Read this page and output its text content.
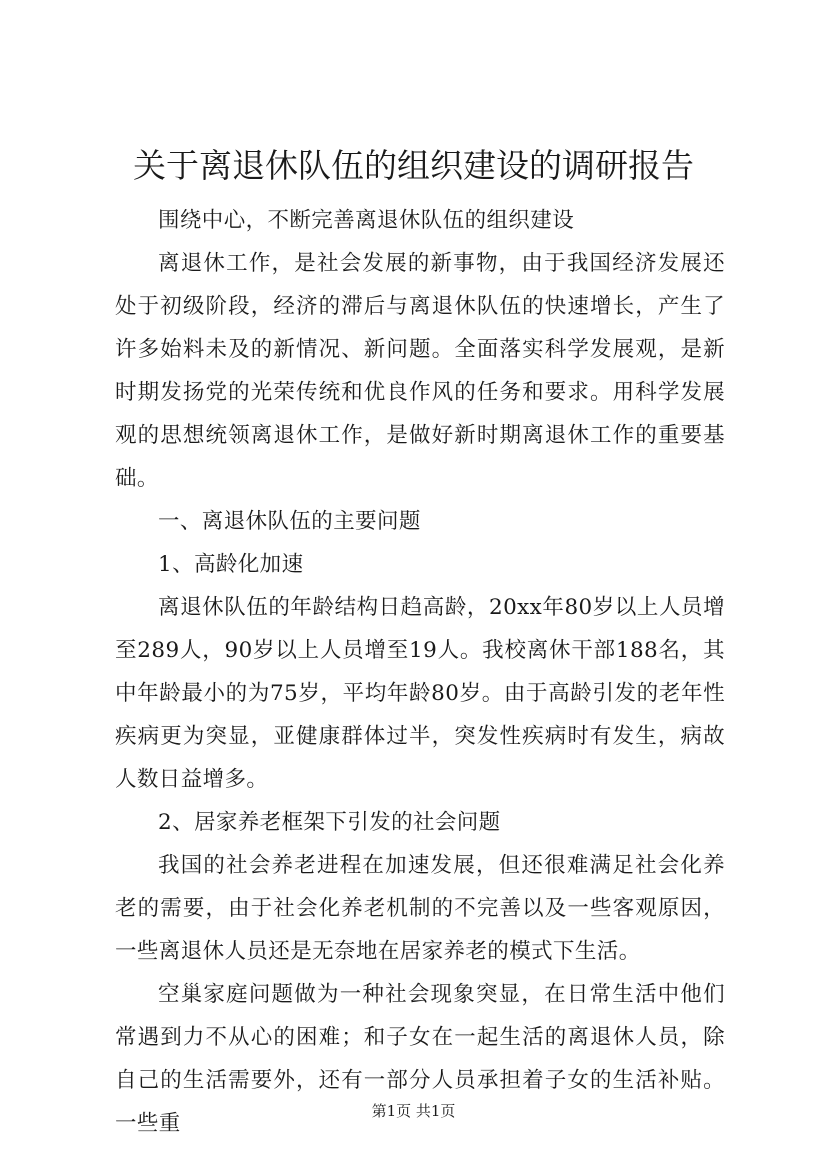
关于离退休队伍的组织建设的调研报告

围绕中心，不断完善离退休队伍的组织建设

离退休工作，是社会发展的新事物，由于我国经济发展还处于初级阶段，经济的滞后与离退休队伍的快速增长，产生了许多始料未及的新情况、新问题。全面落实科学发展观，是新时期发扬党的光荣传统和优良作风的任务和要求。用科学发展观的思想统领离退休工作，是做好新时期离退休工作的重要基础。

一、离退休队伍的主要问题

1、高龄化加速

离退休队伍的年龄结构日趋高龄，20xx年80岁以上人员增至289人，90岁以上人员增至19人。我校离休干部188名，其中年龄最小的为75岁，平均年龄80岁。由于高龄引发的老年性疾病更为突显，亚健康群体过半，突发性疾病时有发生，病故人数日益增多。

2、居家养老框架下引发的社会问题

我国的社会养老进程在加速发展，但还很难满足社会化养老的需要，由于社会化养老机制的不完善以及一些客观原因，一些离退休人员还是无奈地在居家养老的模式下生活。

空巢家庭问题做为一种社会现象突显，在日常生活中他们常遇到力不从心的困难；和子女在一起生活的离退休人员，除自己的生活需要外，还有一部分人员承担着子女的生活补贴。一些重	第1页 共1页
